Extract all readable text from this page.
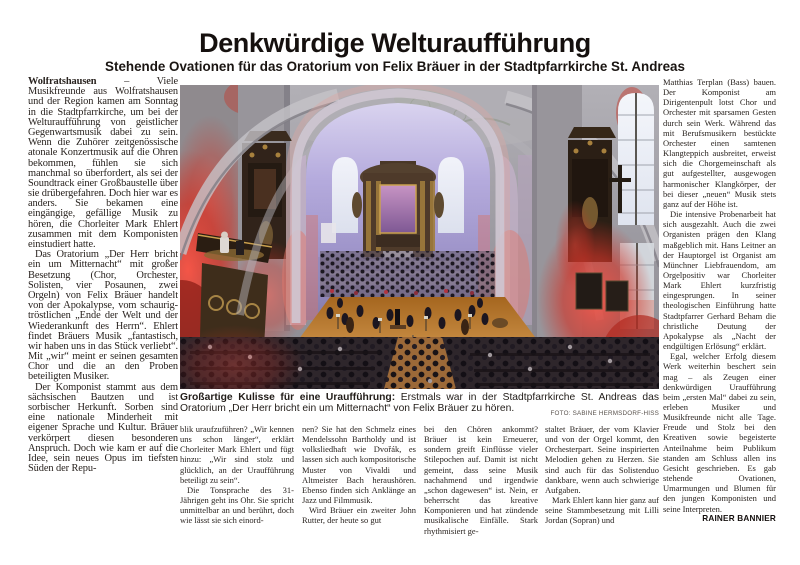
Denkwürdige Welturaufführung
Stehende Ovationen für das Oratorium von Felix Bräuer in der Stadtpfarrkirche St. Andreas

Wolfratshausen – Viele Musikfreunde aus Wolfratshausen und der Region kamen am Sonntag in die Stadtpfarrkirche, um bei der Welturaufführung von geistlicher Gegenwartsmusik dabei zu sein. Wenn die Zuhörer zeitgenössische atonale Konzertmusik auf die Ohren bekommen, fühlen sie sich manchmal so überfordert, als sei der Soundtrack einer Großbaustelle über sie drübergefahren. Doch hier war es anders. Sie bekamen eine eingängige, gefällige Musik zu hören, die Chorleiter Mark Ehlert zusammen mit dem Komponisten einstudiert hatte.

Das Oratorium „Der Herr bricht ein um Mitternacht“ mit großer Besetzung (Chor, Orchester, Solisten, vier Posaunen, zwei Orgeln) von Felix Bräuer handelt von der Apokalypse, vom schaurig-tröstlichen „Ende der Welt und der Wiederankunft des Herrn“. Ehlert findet Bräuers Musik „fantastisch, wir haben uns in das Stück verliebt“. Mit „wir“ meint er seinen gesamten Chor und die an den Proben beteiligten Musiker.

Der Komponist stammt aus dem sächsischen Bautzen und ist sorbischer Herkunft. Sorben sind eine nationale Minderheit mit eigener Sprache und Kultur. Bräuer verkörpert diesen besonderen Anspruch. Doch wie kam er auf die Idee, sein neues Opus im tiefsten Süden der Repu-

Großartige Kulisse für eine Uraufführung: Erstmals war in der Stadtpfarrkirche St. Andreas das Oratorium „Der Herr bricht ein um Mitternacht“ von Felix Bräuer zu hören.	FOTO: SABINE HERMSDORF-HISS

blik uraufzuführen? „Wir kennen uns schon länger“, erklärt Chorleiter Mark Ehlert und fügt hinzu: „Wir sind stolz und glücklich, an der Uraufführung beteiligt zu sein“.

Die Tonsprache des 31-Jährigen geht ins Ohr. Sie spricht unmittelbar an und berührt, doch wie lässt sie sich einord-

nen? Sie hat den Schmelz eines Mendelssohn Bartholdy und ist volksliedhaft wie Dvořák, es lassen sich auch kompositorische Muster von Vivaldi und Altmeister Bach heraushören. Ebenso finden sich Anklänge an Jazz und Filmmusik.

Wird Bräuer ein zweiter John Rutter, der heute so gut

bei den Chören ankommt? Bräuer ist kein Erneuerer, sondern greift Einflüsse vieler Stilepochen auf. Damit ist nicht gemeint, dass seine Musik nachahmend und irgendwie „schon dagewesen“ ist. Nein, er beherrscht das kreative Komponieren und hat zündende musikalische Einfälle. Stark rhythmisiert ge-

staltet Bräuer, der vom Klavier und von der Orgel kommt, den Orchesterpart. Seine inspirierten Melodien gehen zu Herzen. Sie sind auch für das Solistenduo dankbare, wenn auch schwierige Aufgaben.

Mark Ehlert kann hier ganz auf seine Stammbesetzung mit Lilli Jordan (Sopran) und

Matthias Terplan (Bass) bauen. Der Komponist am Dirigentenpult lotst Chor und Orchester mit sparsamen Gesten durch sein Werk. Während das mit Berufsmusikern bestückte Orchester einen samtenen Klangteppich ausbreitet, erweist sich die Chorgemeinschaft als gut aufgestellter, ausgewogen harmonischer Klangkörper, der bei dieser „neuen“ Musik stets ganz auf der Höhe ist.

Die intensive Probenarbeit hat sich ausgezahlt. Auch die zwei Organisten prägen den Klang maßgeblich mit. Hans Leitner an der Hauptorgel ist Organist am Münchner Liebfrauendom, am Orgelpositiv war Chorleiter Mark Ehlert kurzfristig eingesprungen. In seiner theologischen Einführung hatte Stadtpfarrer Gerhard Beham die christliche Deutung der Apokalypse als „Nacht der endgültigen Erlösung“ erklärt.

Egal, welcher Erfolg diesem Werk weiterhin beschert sein mag – als Zeugen einer denkwürdigen Uraufführung beim „ersten Mal“ dabei zu sein, erleben Musiker und Musikfreunde nicht alle Tage. Freude und Stolz bei den Kreativen sowie begeisterte Anteilnahme beim Publikum standen am Schluss allen ins Gesicht geschrieben. Es gab stehende Ovationen, Umarmungen und Blumen für den jungen Komponisten und seine Interpreten.

RAINER BANNIER
